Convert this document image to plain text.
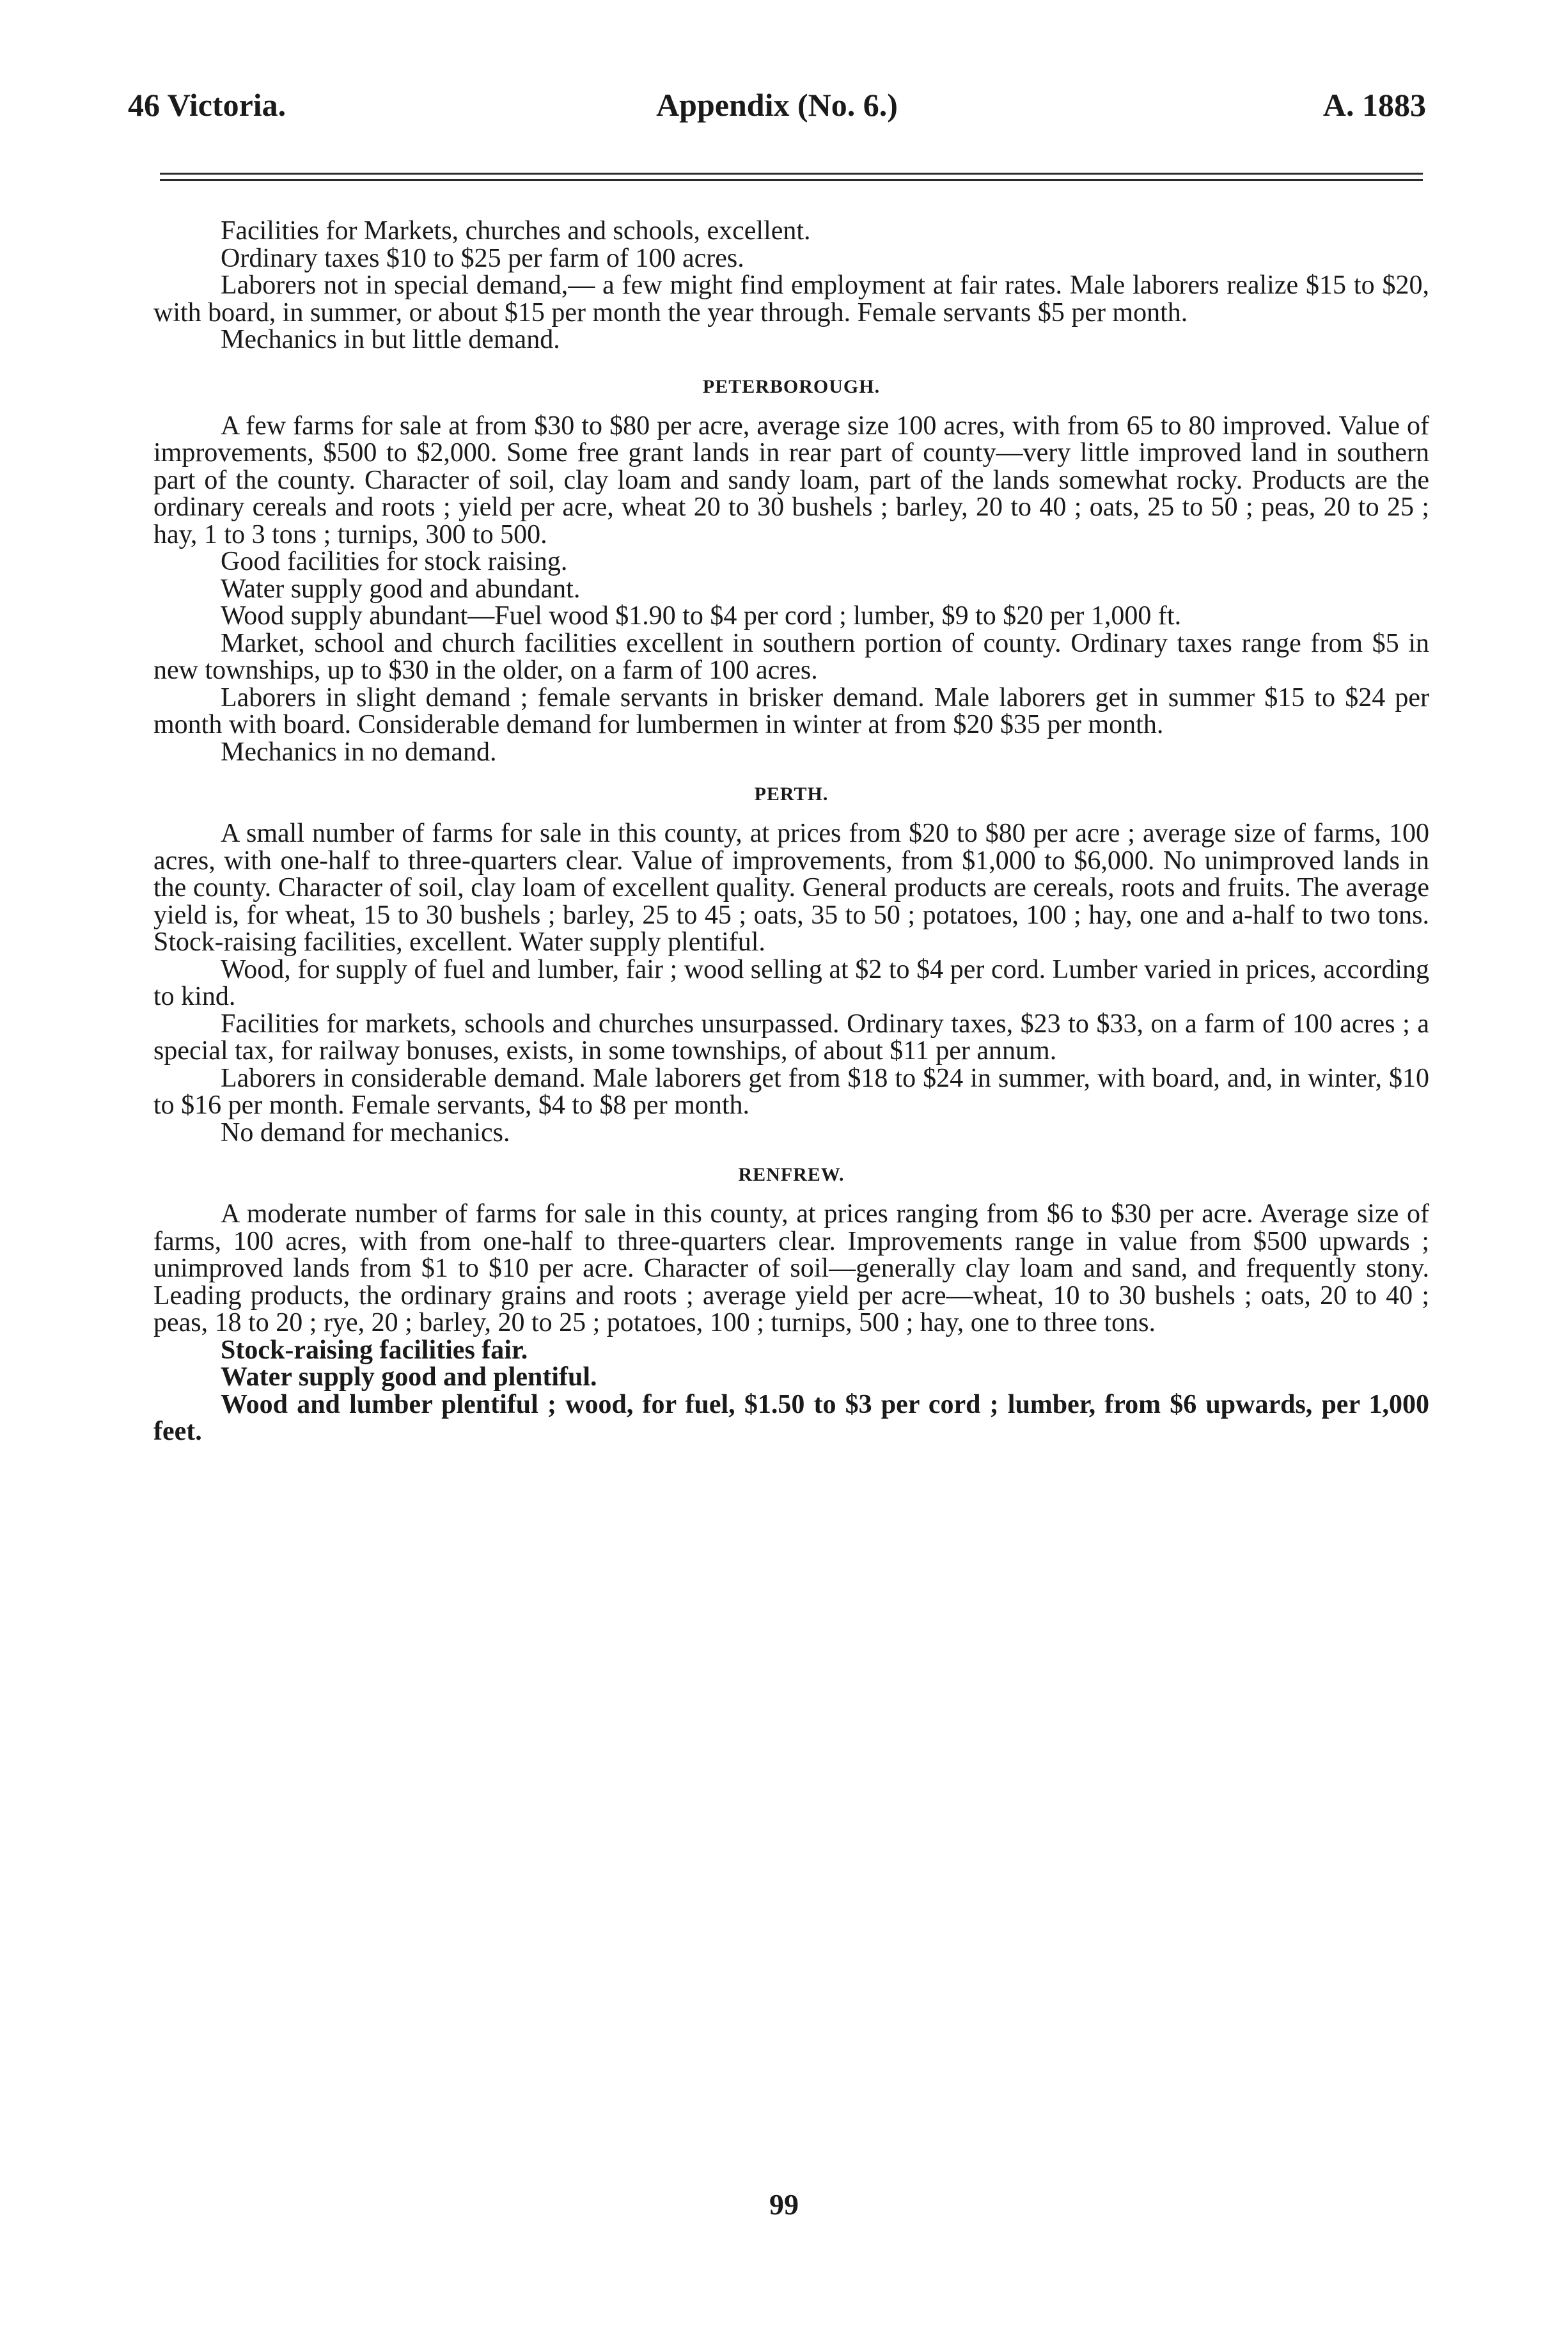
46 Victoria.	Appendix (No. 6.)	A. 1883

Facilities for Markets, churches and schools, excellent.

Ordinary taxes $10 to $25 per farm of 100 acres.

Laborers not in special demand,— a few might find employment at fair rates. Male laborers realize $15 to $20, with board, in summer, or about $15 per month the year through. Female servants $5 per month.

Mechanics in but little demand.

PETERBOROUGH.

A few farms for sale at from $30 to $80 per acre, average size 100 acres, with from 65 to 80 improved. Value of improvements, $500 to $2,000. Some free grant lands in rear part of county—very little improved land in southern part of the county. Character of soil, clay loam and sandy loam, part of the lands somewhat rocky. Products are the ordinary cereals and roots ; yield per acre, wheat 20 to 30 bushels ; barley, 20 to 40 ; oats, 25 to 50 ; peas, 20 to 25 ; hay, 1 to 3 tons ; turnips, 300 to 500.

Good facilities for stock raising.

Water supply good and abundant.

Wood supply abundant—Fuel wood $1.90 to $4 per cord ; lumber, $9 to $20 per 1,000 ft.

Market, school and church facilities excellent in southern portion of county. Ordinary taxes range from $5 in new townships, up to $30 in the older, on a farm of 100 acres.

Laborers in slight demand ; female servants in brisker demand. Male laborers get in summer $15 to $24 per month with board. Considerable demand for lumbermen in winter at from $20 $35 per month.

Mechanics in no demand.

PERTH.

A small number of farms for sale in this county, at prices from $20 to $80 per acre ; average size of farms, 100 acres, with one-half to three-quarters clear. Value of improvements, from $1,000 to $6,000. No unimproved lands in the county. Character of soil, clay loam of excellent quality. General products are cereals, roots and fruits. The average yield is, for wheat, 15 to 30 bushels ; barley, 25 to 45 ; oats, 35 to 50 ; potatoes, 100 ; hay, one and a-half to two tons. Stock-raising facilities, excellent. Water supply plentiful.

Wood, for supply of fuel and lumber, fair ; wood selling at $2 to $4 per cord. Lumber varied in prices, according to kind.

Facilities for markets, schools and churches unsurpassed. Ordinary taxes, $23 to $33, on a farm of 100 acres ; a special tax, for railway bonuses, exists, in some townships, of about $11 per annum.

Laborers in considerable demand. Male laborers get from $18 to $24 in summer, with board, and, in winter, $10 to $16 per month. Female servants, $4 to $8 per month.

No demand for mechanics.

RENFREW.

A moderate number of farms for sale in this county, at prices ranging from $6 to $30 per acre. Average size of farms, 100 acres, with from one-half to three-quarters clear. Improvements range in value from $500 upwards ; unimproved lands from $1 to $10 per acre. Character of soil—generally clay loam and sand, and frequently stony. Leading products, the ordinary grains and roots ; average yield per acre—wheat, 10 to 30 bushels ; oats, 20 to 40 ; peas, 18 to 20 ; rye, 20 ; barley, 20 to 25 ; potatoes, 100 ; turnips, 500 ; hay, one to three tons.

Stock-raising facilities fair.

Water supply good and plentiful.

Wood and lumber plentiful ; wood, for fuel, $1.50 to $3 per cord ; lumber, from $6 upwards, per 1,000 feet.

99
